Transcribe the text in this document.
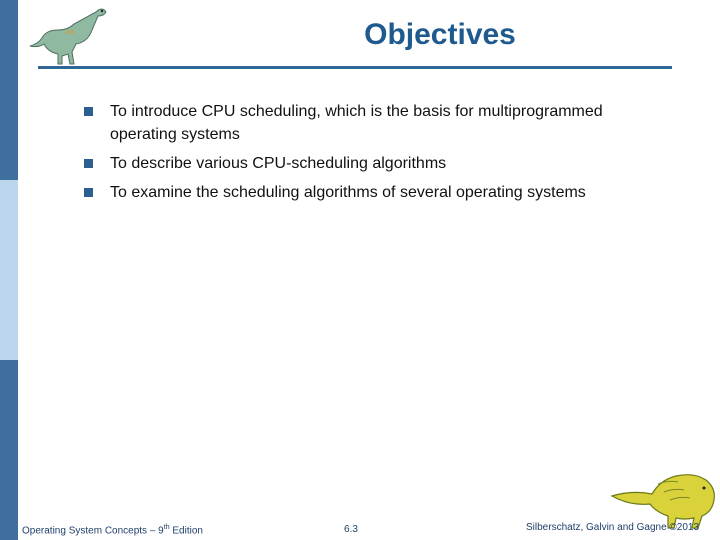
Objectives
To introduce CPU scheduling, which is the basis for multiprogrammed operating systems
To describe various CPU-scheduling algorithms
To examine the scheduling algorithms of several operating systems
Operating System Concepts – 9th Edition	6.3	Silberschatz, Galvin and Gagne ©2013
